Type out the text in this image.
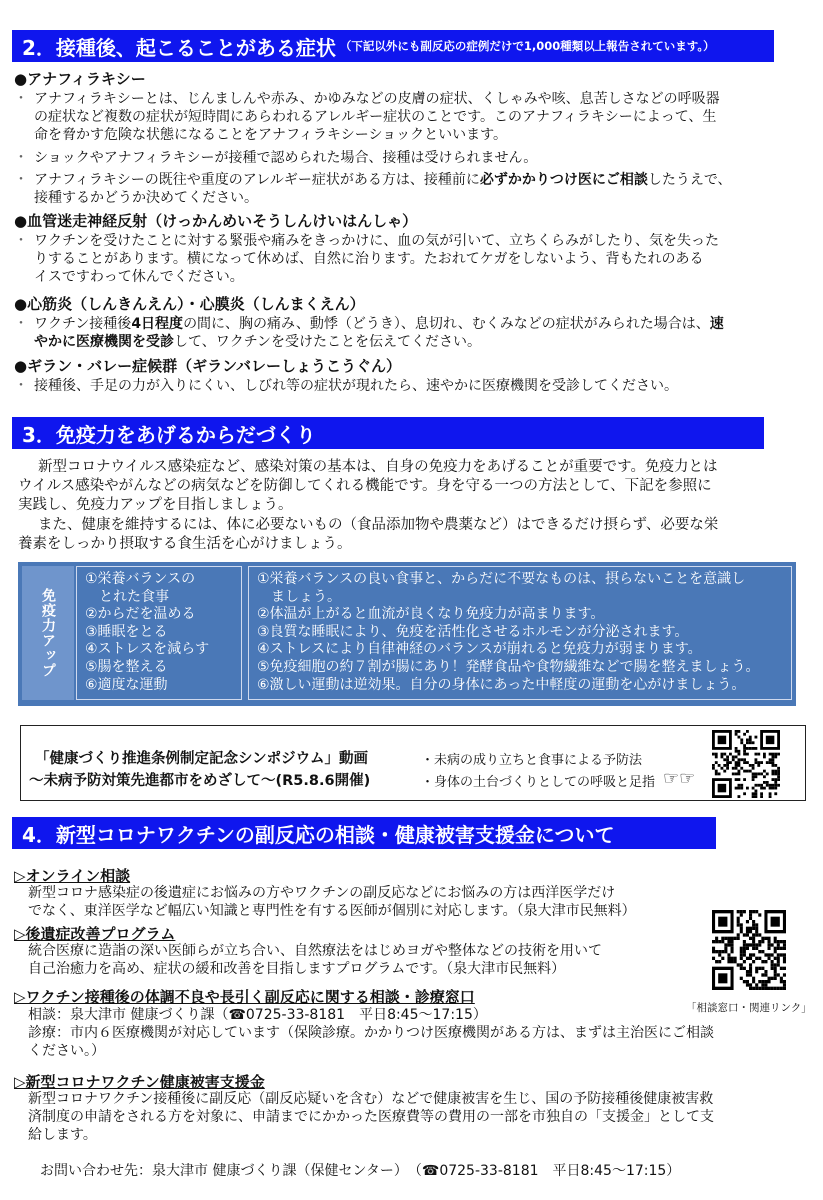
2．接種後、起こることがある症状 （下記以外にも副反応の症例だけで1,000種類以上報告されています。）
●アナフィラキシー
・ アナフィラキシーとは、じんましんや赤み、かゆみなどの皮膚の症状、くしゃみや咳、息苦しさなどの呼吸器
の症状など複数の症状が短時間にあらわれるアレルギー症状のことです。このアナフィラキシーによって、生
命を脅かす危険な状態になることをアナフィラキシーショックといいます。
・ ショックやアナフィラキシーが接種で認められた場合、接種は受けられません。
・ アナフィラキシーの既往や重度のアレルギー症状がある方は、接種前に必ずかかりつけ医にご相談したうえで、
接種するかどうか決めてください。
●血管迷走神経反射（けっかんめいそうしんけいはんしゃ）
・ ワクチンを受けたことに対する緊張や痛みをきっかけに、血の気が引いて、立ちくらみがしたり、気を失った
りすることがあります。横になって休めば、自然に治ります。たおれてケガをしないよう、背もたれのある
イスですわって休んでください。
●心筋炎（しんきんえん）・心膜炎（しんまくえん）
・ ワクチン接種後4日程度の間に、胸の痛み、動悸（どうき）、息切れ、むくみなどの症状がみられた場合は、速
やかに医療機関を受診して、ワクチンを受けたことを伝えてください。
●ギラン・バレー症候群（ギランバレーしょうこうぐん）
・ 接種後、手足の力が入りにくい、しびれ等の症状が現れたら、速やかに医療機関を受診してください。
3．免疫力をあげるからだづくり
新型コロナウイルス感染症など、感染対策の基本は、自身の免疫力をあげることが重要です。免疫力とは
ウイルス感染やがんなどの病気などを防御してくれる機能です。身を守る一つの方法として、下記を参照に
実践し、免疫力アップを目指しましょう。
また、健康を維持するには、体に必要ないもの（食品添加物や農薬など）はできるだけ摂らず、必要な栄
養素をしっかり摂取する食生活を心がけましょう。
免疫力アップ
①栄養バランスの
　とれた食事
②からだを温める
③睡眠をとる
④ストレスを減らす
⑤腸を整える
⑥適度な運動
①栄養バランスの良い食事と、からだに不要なものは、摂らないことを意識し
　ましょう。
②体温が上がると血流が良くなり免疫力が高まります。
③良質な睡眠により、免疫を活性化させるホルモンが分泌されます。
④ストレスにより自律神経のバランスが崩れると免疫力が弱まります。
⑤免疫細胞の約７割が腸にあり！発酵食品や食物繊維などで腸を整えましょう。
⑥激しい運動は逆効果。自分の身体にあった中軽度の運動を心がけましょう。
「健康づくり推進条例制定記念シンポジウム」動画
～未病予防対策先進都市をめざして～(R5.8.6開催)
・未病の成り立ちと食事による予防法
・身体の土台づくりとしての呼吸と足指 ☞☞
4．新型コロナワクチンの副反応の相談・健康被害支援金について
▷オンライン相談
新型コロナ感染症の後遺症にお悩みの方やワクチンの副反応などにお悩みの方は西洋医学だけ
でなく、東洋医学など幅広い知識と専門性を有する医師が個別に対応します。（泉大津市民無料）
▷後遺症改善プログラム
統合医療に造詣の深い医師らが立ち合い、自然療法をはじめヨガや整体などの技術を用いて
自己治癒力を高め、症状の緩和改善を目指しますプログラムです。（泉大津市民無料）
「相談窓口・関連リンク」
▷ワクチン接種後の体調不良や長引く副反応に関する相談・診療窓口
相談：泉大津市 健康づくり課（☎0725-33-8181　平日8:45～17:15）
診療：市内６医療機関が対応しています（保険診療。かかりつけ医療機関がある方は、まずは主治医にご相談
ください。）
▷新型コロナワクチン健康被害支援金
新型コロナワクチン接種後に副反応（副反応疑いを含む）などで健康被害を生じ、国の予防接種後健康被害救
済制度の申請をされる方を対象に、申請までにかかった医療費等の費用の一部を市独自の「支援金」として支
給します。
お問い合わせ先：泉大津市 健康づくり課（保健センター）　（☎0725-33-8181　平日8:45～17:15）
